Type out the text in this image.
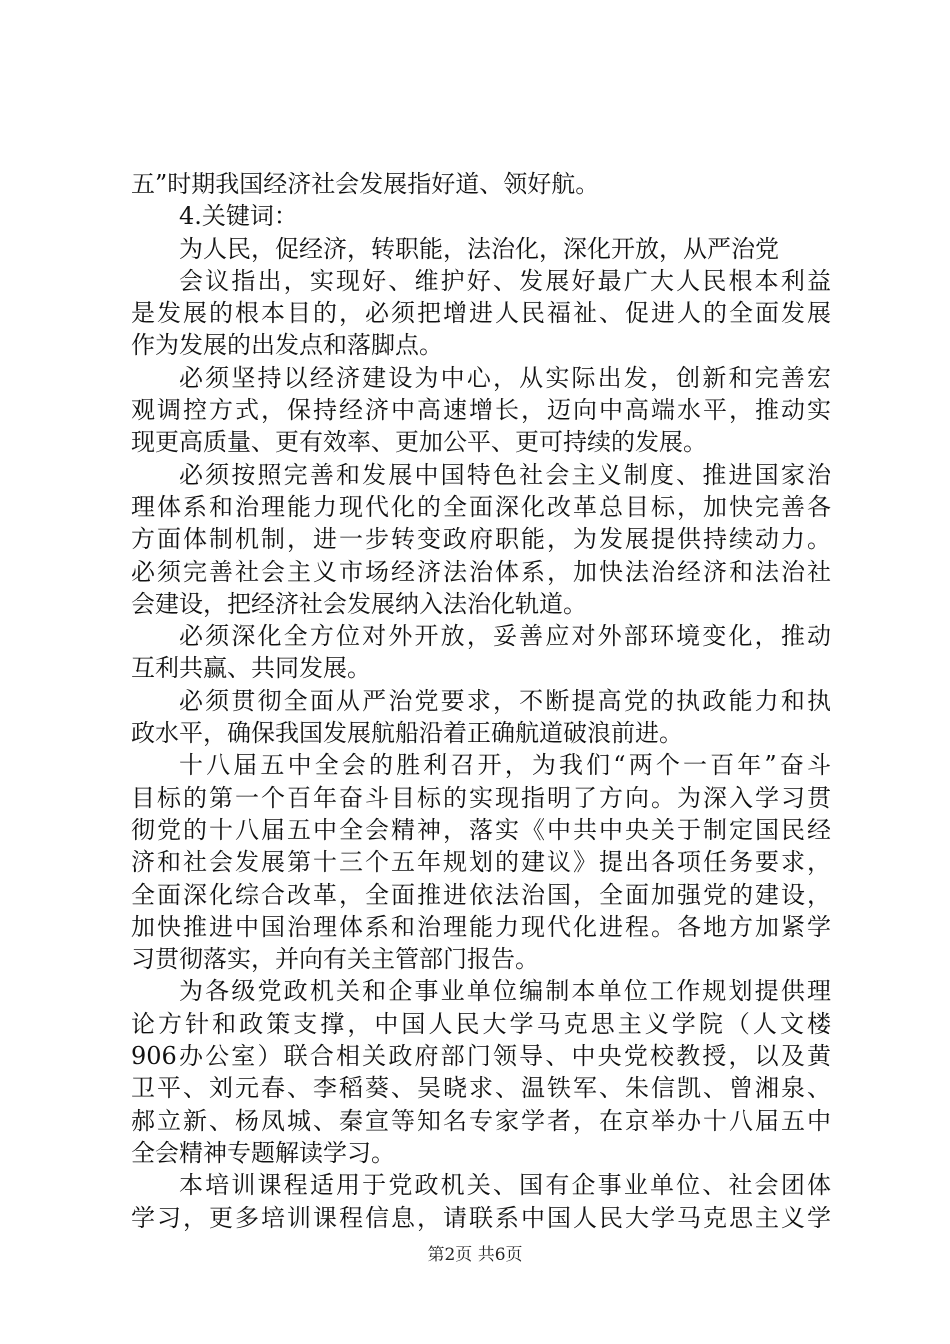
五”时期我国经济社会发展指好道、领好航。
4.关键词：
为人民，促经济，转职能，法治化，深化开放，从严治党
会议指出，实现好、维护好、发展好最广大人民根本利益
是发展的根本目的，必须把增进人民福祉、促进人的全面发展
作为发展的出发点和落脚点。
必须坚持以经济建设为中心，从实际出发，创新和完善宏
观调控方式，保持经济中高速增长，迈向中高端水平，推动实
现更高质量、更有效率、更加公平、更可持续的发展。
必须按照完善和发展中国特色社会主义制度、推进国家治
理体系和治理能力现代化的全面深化改革总目标，加快完善各
方面体制机制，进一步转变政府职能，为发展提供持续动力。
必须完善社会主义市场经济法治体系，加快法治经济和法治社
会建设，把经济社会发展纳入法治化轨道。
必须深化全方位对外开放，妥善应对外部环境变化，推动
互利共赢、共同发展。
必须贯彻全面从严治党要求，不断提高党的执政能力和执
政水平，确保我国发展航船沿着正确航道破浪前进。
十八届五中全会的胜利召开，为我们“两个一百年”奋斗
目标的第一个百年奋斗目标的实现指明了方向。为深入学习贯
彻党的十八届五中全会精神，落实《中共中央关于制定国民经
济和社会发展第十三个五年规划的建议》提出各项任务要求，
全面深化综合改革，全面推进依法治国，全面加强党的建设，
加快推进中国治理体系和治理能力现代化进程。各地方加紧学
习贯彻落实，并向有关主管部门报告。
为各级党政机关和企事业单位编制本单位工作规划提供理
论方针和政策支撑，中国人民大学马克思主义学院（人文楼
906办公室）联合相关政府部门领导、中央党校教授，以及黄
卫平、刘元春、李稻葵、吴晓求、温铁军、朱信凯、曾湘泉、
郝立新、杨凤城、秦宣等知名专家学者，在京举办十八届五中
全会精神专题解读学习。
本培训课程适用于党政机关、国有企事业单位、社会团体
学习，更多培训课程信息，请联系中国人民大学马克思主义学
第2页 共6页
